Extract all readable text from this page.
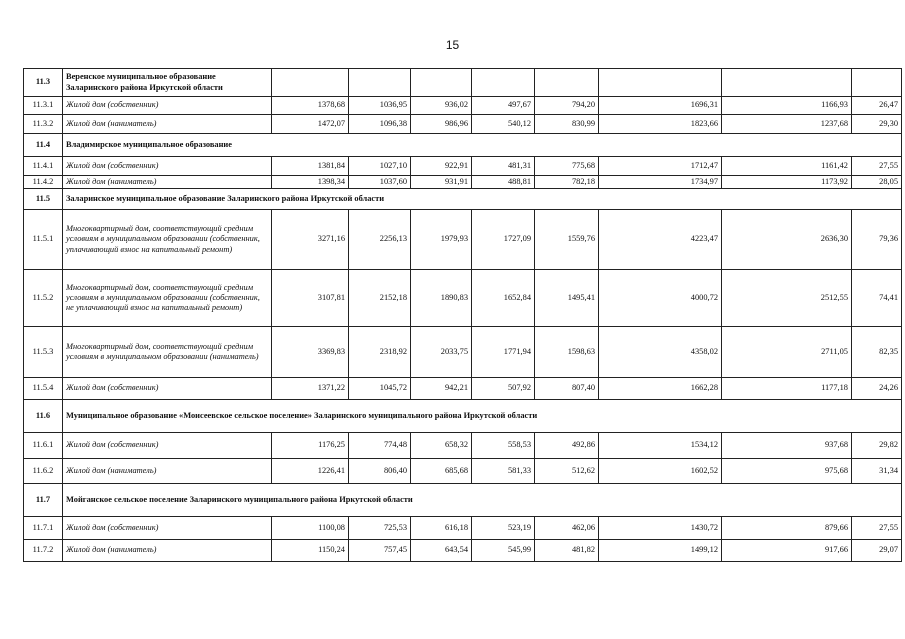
15
11.3	Веренское муниципальное образование Заларинского района Иркутской области								
11.3.1	Жилой дом (собственник)	1378,68	1036,95	936,02	497,67	794,20	1696,31	1166,93	26,47
11.3.2	Жилой дом (наниматель)	1472,07	1096,38	986,96	540,12	830,99	1823,66	1237,68	29,30
11.4	Владимирское муниципальное образование								
11.4.1	Жилой дом (собственник)	1381,84	1027,10	922,91	481,31	775,68	1712,47	1161,42	27,55
11.4.2	Жилой дом (наниматель)	1398,34	1037,60	931,91	488,81	782,18	1734,97	1173,92	28,05
11.5	Заларинское муниципальное образование Заларинского района Иркутской области								
11.5.1	Многоквартирный дом, соответствующий средним условиям в муниципальном образовании (собственник, уплачивающий взнос на капитальный ремонт)	3271,16	2256,13	1979,93	1727,09	1559,76	4223,47	2636,30	79,36
11.5.2	Многоквартирный дом, соответствующий средним условиям в муниципальном образовании (собственник, не уплачивающий взнос на капитальный ремонт)	3107,81	2152,18	1890,83	1652,84	1495,41	4000,72	2512,55	74,41
11.5.3	Многоквартирный дом, соответствующий средним условиям в муниципальном образовании (наниматель)	3369,83	2318,92	2033,75	1771,94	1598,63	4358,02	2711,05	82,35
11.5.4	Жилой дом (собственник)	1371,22	1045,72	942,21	507,92	807,40	1662,28	1177,18	24,26
11.6	Муниципальное образование «Моисеевское сельское поселение» Заларинского муниципального района Иркутской области								
11.6.1	Жилой дом (собственник)	1176,25	774,48	658,32	558,53	492,86	1534,12	937,68	29,82
11.6.2	Жилой дом (наниматель)	1226,41	806,40	685,68	581,33	512,62	1602,52	975,68	31,34
11.7	Мойганское сельское поселение Заларинского муниципального района Иркутской области								
11.7.1	Жилой дом (собственник)	1100,08	725,53	616,18	523,19	462,06	1430,72	879,66	27,55
11.7.2	Жилой дом (наниматель)	1150,24	757,45	643,54	545,99	481,82	1499,12	917,66	29,07
